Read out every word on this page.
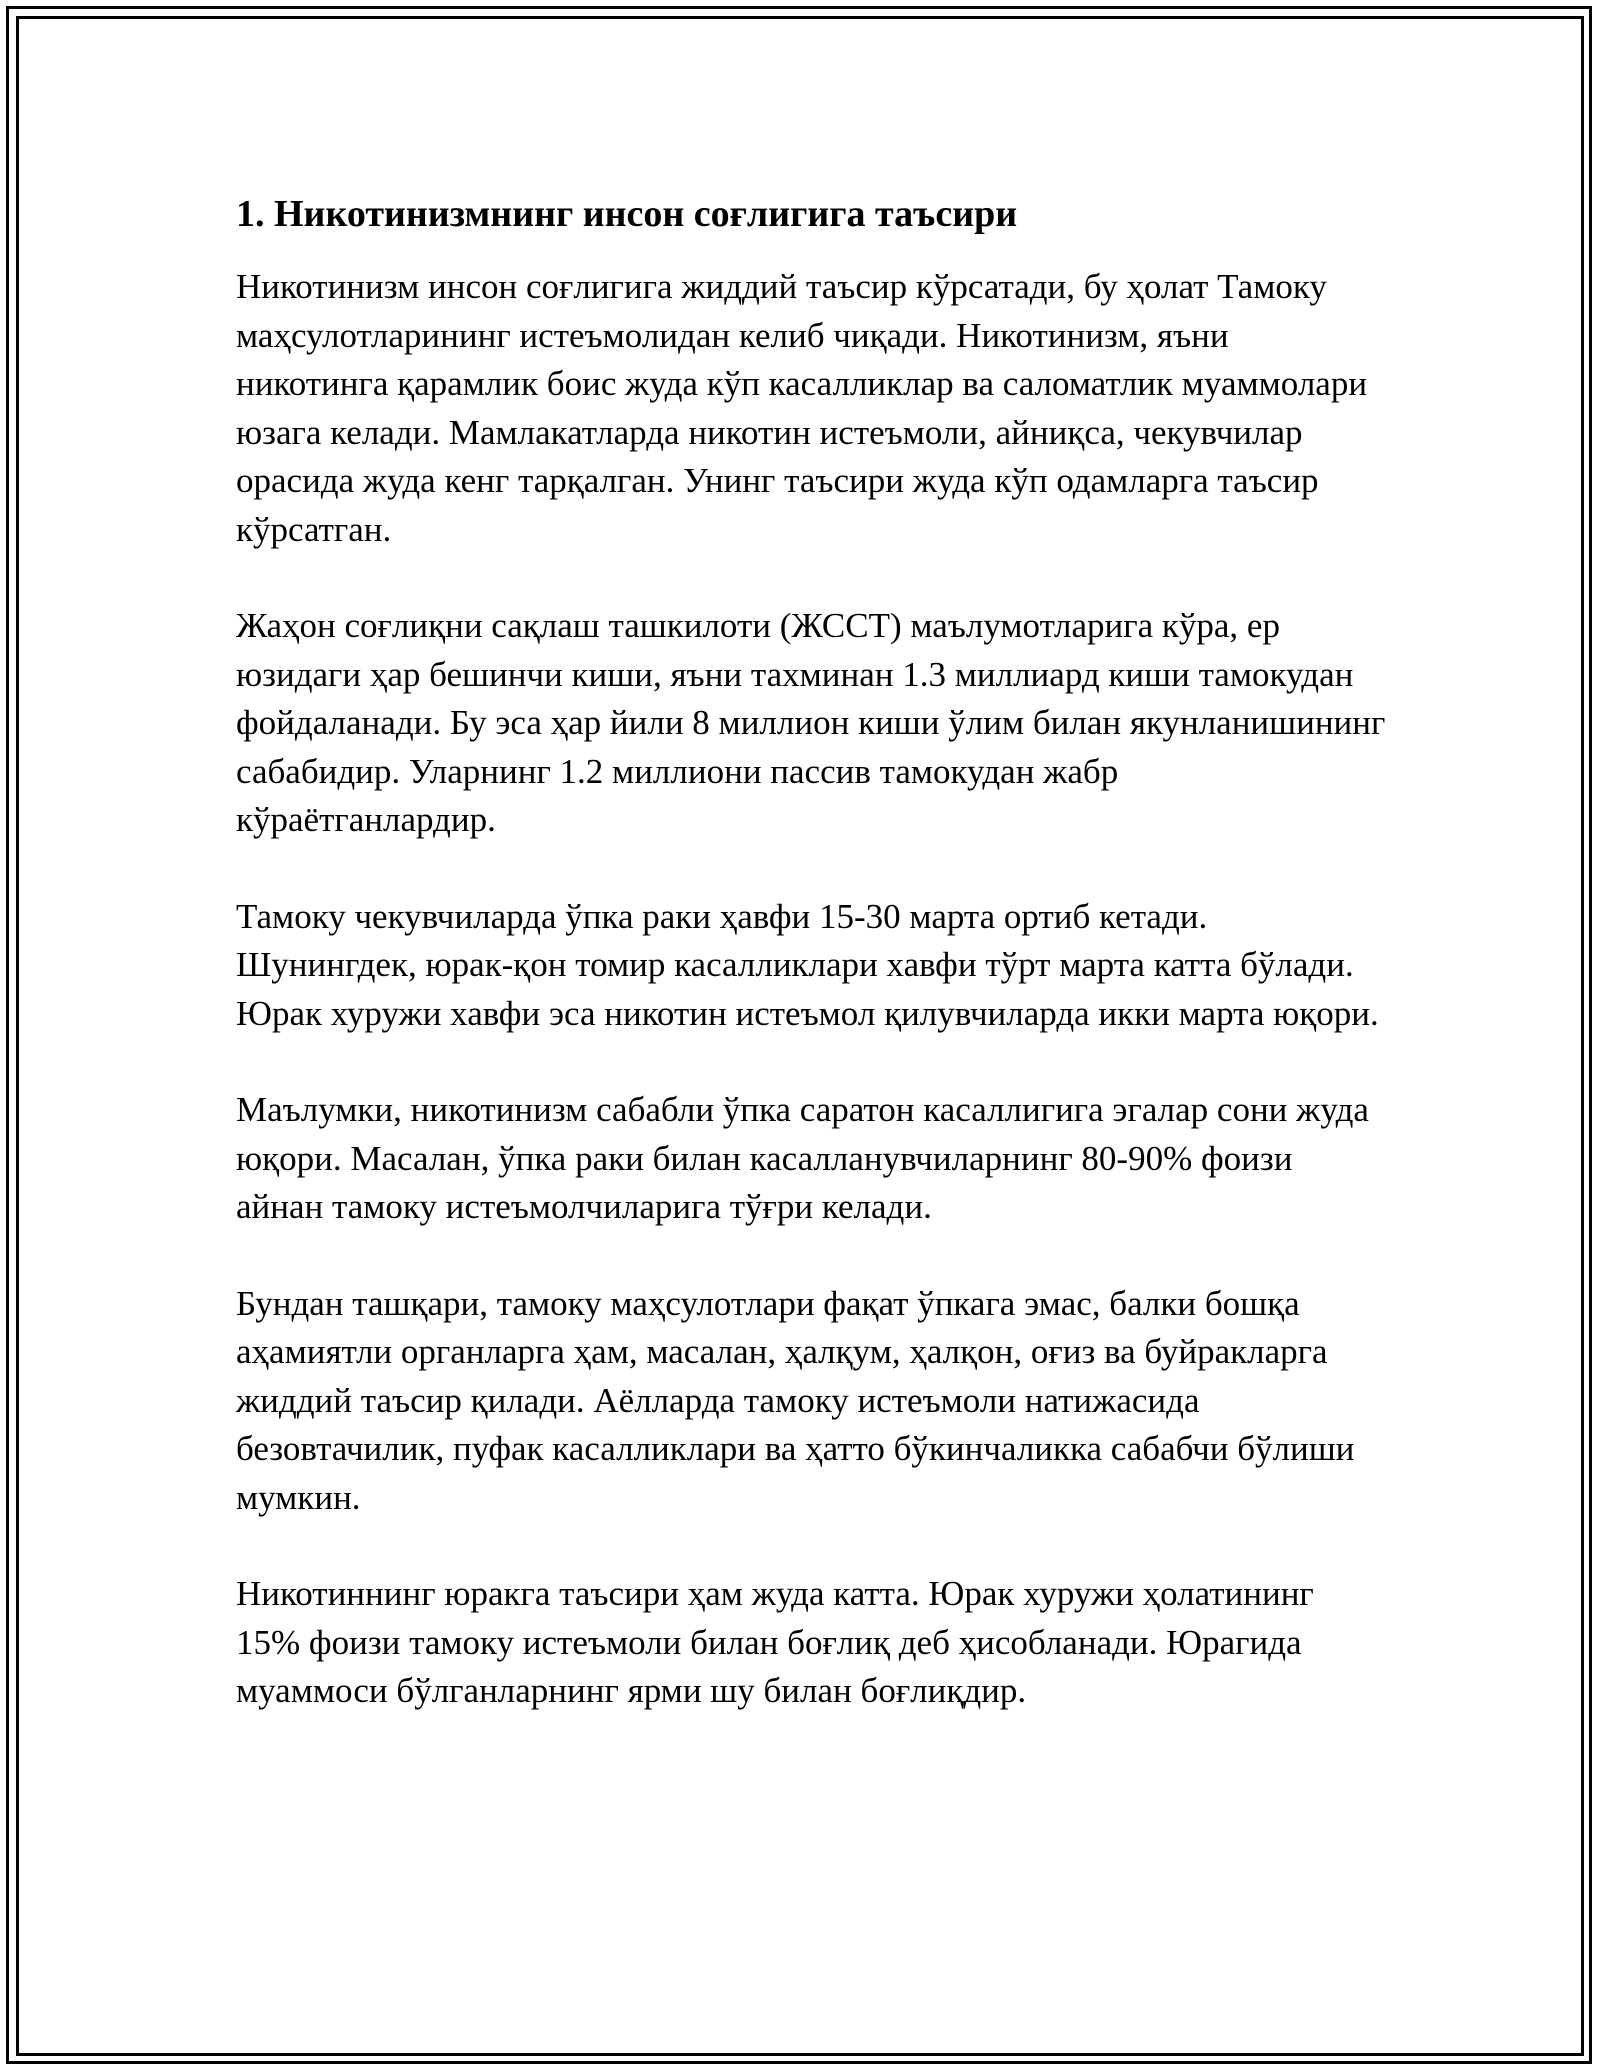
1. Никотинизмнинг инсон соғлигига таъсири

Никотинизм инсон соғлигига жиддий таъсир кўрсатади, бу ҳолат Тамоку маҳсулотларининг истеъмолидан келиб чиқади. Никотинизм, яъни никотинга қарамлик боис жуда кўп касалликлар ва саломатлик муаммолари юзага келади. Мамлакатларда никотин истеъмоли, айниқса, чекувчилар орасида жуда кенг тарқалган. Унинг таъсири жуда кўп одамларга таъсир кўрсатган.

Жаҳон соғлиқни сақлаш ташкилоти (ЖССТ) маълумотларига кўра, ер юзидаги ҳар бешинчи киши, яъни тахминан 1.3 миллиард киши тамокудан фойдаланади. Бу эса ҳар йили 8 миллион киши ўлим билан якунланишининг сабабидир. Уларнинг 1.2 миллиони пассив тамокудан жабр кўраётганлардир.

Тамоку чекувчиларда ўпка раки ҳавфи 15-30 марта ортиб кетади. Шунингдек, юрак-қон томир касалликлари хавфи тўрт марта катта бўлади. Юрак хуружи хавфи эса никотин истеъмол қилувчиларда икки марта юқори.

Маълумки, никотинизм сабабли ўпка саратон касаллигига эгалар сони жуда юқори. Масалан, ўпка раки билан касалланувчиларнинг 80-90% фоизи айнан тамоку истеъмолчиларига тўғри келади.

Бундан ташқари, тамоку маҳсулотлари фақат ўпкага эмас, балки бошқа аҳамиятли органларга ҳам, масалан, ҳалқум, ҳалқон, оғиз ва буйракларга жиддий таъсир қилади. Аёлларда тамоку истеъмоли натижасида безовтачилик, пуфак касалликлари ва ҳатто бўкинчаликка сабабчи бўлиши мумкин.

Никотиннинг юракга таъсири ҳам жуда катта. Юрак хуружи ҳолатининг 15% фоизи тамоку истеъмоли билан боғлиқ деб ҳисобланади. Юрагида муаммоси бўлганларнинг ярми шу билан боғлиқдир.
